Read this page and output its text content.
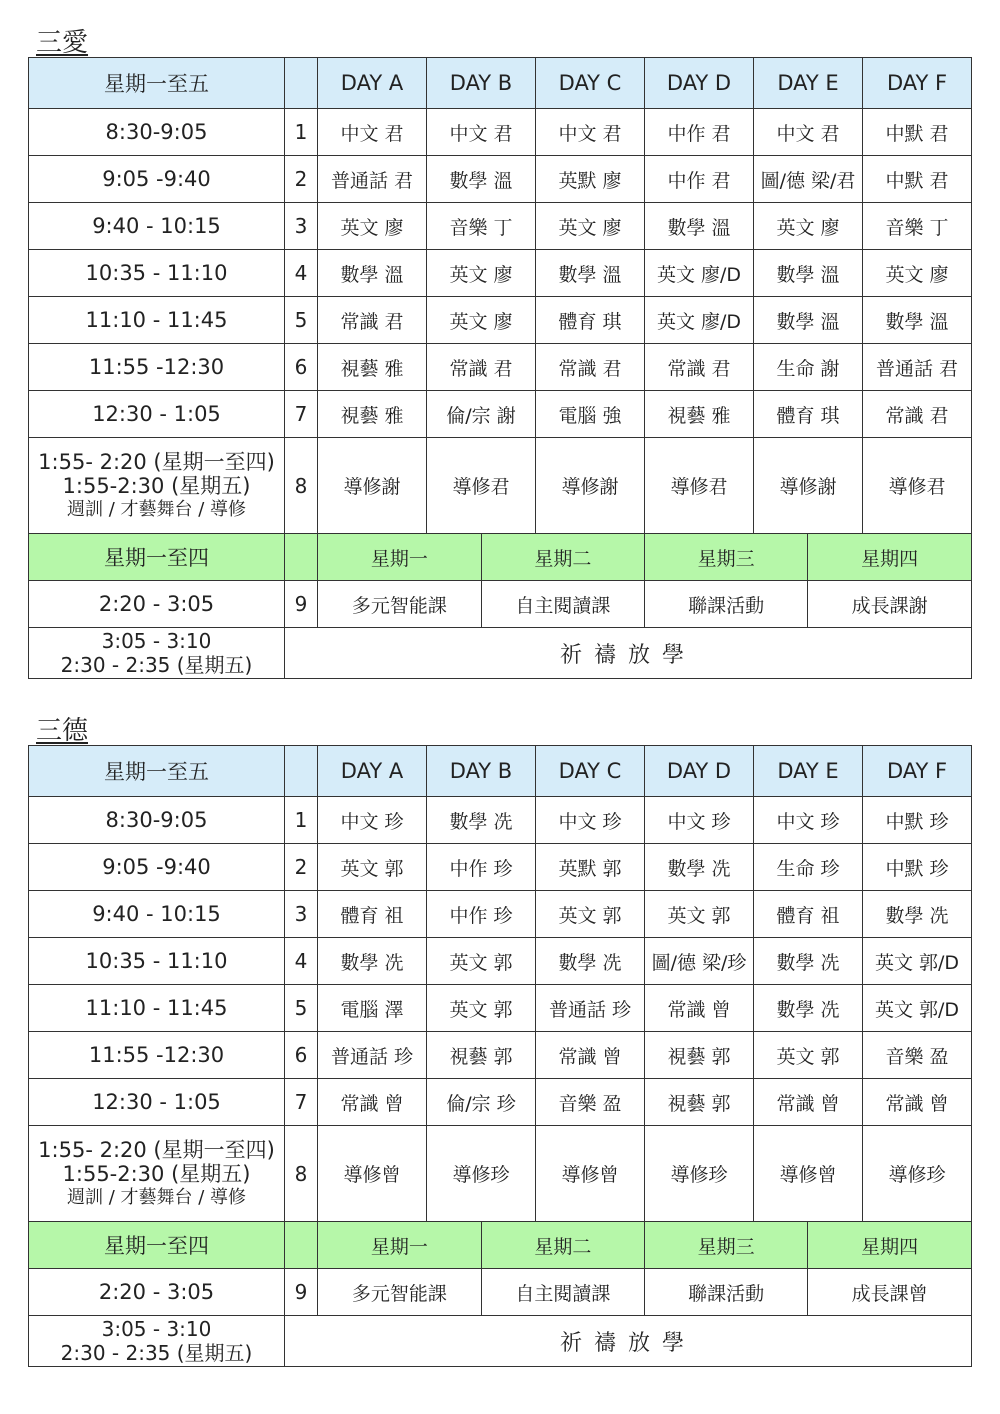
三愛
星期一至五		DAY A	DAY B	DAY C	DAY D	DAY E	DAY F
8:30-9:05	1	中文 君	中文 君	中文 君	中作 君	中文 君	中默 君
9:05 -9:40	2	普通話 君	數學 溫	英默 廖	中作 君	圖/德 梁/君	中默 君
9:40 - 10:15	3	英文 廖	音樂 丁	英文 廖	數學 溫	英文 廖	音樂 丁
10:35 - 11:10	4	數學 溫	英文 廖	數學 溫	英文 廖/D	數學 溫	英文 廖
11:10 - 11:45	5	常識 君	英文 廖	體育 琪	英文 廖/D	數學 溫	數學 溫
11:55 -12:30	6	視藝 雅	常識 君	常識 君	常識 君	生命 謝	普通話 君
12:30 - 1:05	7	視藝 雅	倫/宗 謝	電腦 強	視藝 雅	體育 琪	常識 君

1:55- 2:20 (星期一至四)
1:55-2:30 (星期五)
週訓 / 才藝舞台 / 導修
	8	導修謝	導修君	導修謝	導修君	導修謝	導修君
星期一至四			星期一	星期二	星期三	星期四

2:20 - 3:05	9	多元智能課	自主閱讀課	聯課活動	成長課謝

3:05 - 3:10
2:30 - 2:35 (星期五)	祈禱放學
三德
星期一至五		DAY A	DAY B	DAY C	DAY D	DAY E	DAY F
8:30-9:05	1	中文 珍	數學 冼	中文 珍	中文 珍	中文 珍	中默 珍
9:05 -9:40	2	英文 郭	中作 珍	英默 郭	數學 冼	生命 珍	中默 珍
9:40 - 10:15	3	體育 祖	中作 珍	英文 郭	英文 郭	體育 祖	數學 冼
10:35 - 11:10	4	數學 冼	英文 郭	數學 冼	圖/德 梁/珍	數學 冼	英文 郭/D
11:10 - 11:45	5	電腦 澤	英文 郭	普通話 珍	常識 曾	數學 冼	英文 郭/D
11:55 -12:30	6	普通話 珍	視藝 郭	常識 曾	視藝 郭	英文 郭	音樂 盈
12:30 - 1:05	7	常識 曾	倫/宗 珍	音樂 盈	視藝 郭	常識 曾	常識 曾

1:55- 2:20 (星期一至四)
1:55-2:30 (星期五)
週訓 / 才藝舞台 / 導修
	8	導修曾	導修珍	導修曾	導修珍	導修曾	導修珍
星期一至四			星期一	星期二	星期三	星期四

2:20 - 3:05	9	多元智能課	自主閱讀課	聯課活動	成長課曾

3:05 - 3:10
2:30 - 2:35 (星期五)	祈禱放學
